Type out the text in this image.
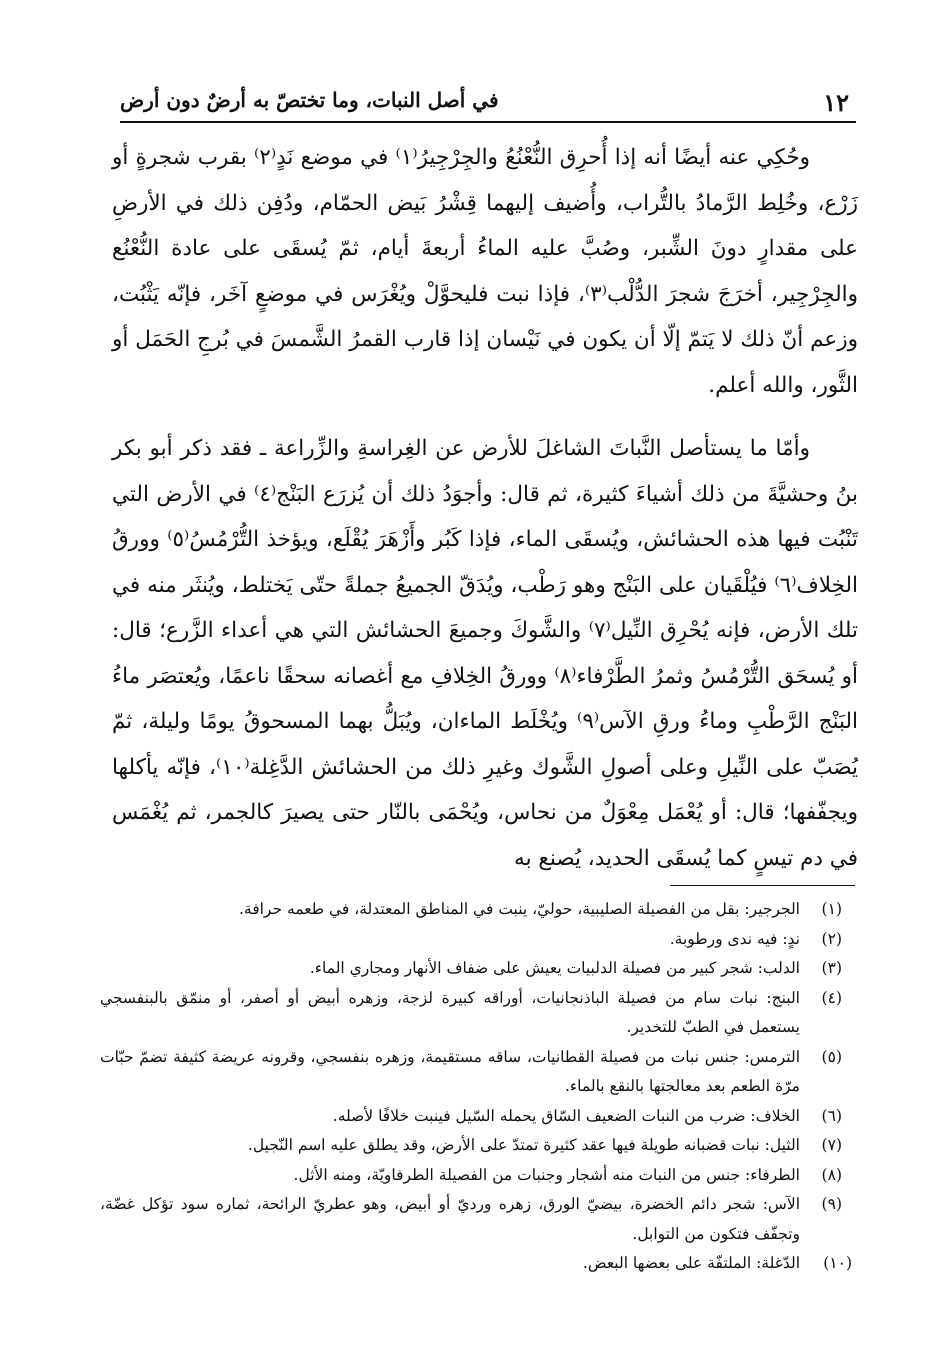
١٢
في أصل النبات، وما تختصّ به أرضٌ دون أرض

وحُكِي عنه أيضًا أنه إذا أُحرِق النُّعْنُعُ والجِرْجِيرُ⁽١⁾ في موضع نَدٍ⁽٢⁾ بقرب شجرةٍ أو زَرْع، وخُلِط الرَّمادُ بالتُّراب، وأُضيف إليهما قِشْرُ بَيض الحمّام، ودُفِن ذلك في الأرضِ على مقدارٍ دونَ الشِّبر، وصُبَّ عليه الماءُ أربعةَ أيام، ثمّ يُسقَى على عادة النُّعْنُع والجِرْجِير، أخرَجَ شجرَ الدُّلْب⁽٣⁾، فإذا نبت فليحوَّلْ ويُغْرَس في موضعٍ آخَر، فإنّه يَثْبُت، وزعم أنّ ذلك لا يَتمّ إلّا أن يكون في نَيْسان إذا قارب القمرُ الشَّمسَ في بُرجِ الحَمَل أو الثَّور، والله أعلم.

وأمّا ما يستأصل النَّباتَ الشاغلَ للأرض عن الغِراسةِ والزِّراعة ـ فقد ذكر أبو بكر بنُ وحشيَّةَ من ذلك أشياءَ كثيرة، ثم قال: وأجوَدُ ذلك أن يُزرَع البَنْج⁽٤⁾ في الأرض التي تَنْبُت فيها هذه الحشائش، ويُسقَى الماء، فإذا كَبُر وأَزْهَرَ يُقْلَع، ويؤخذ التُّرْمُسُ⁽٥⁾ وورقُ الخِلاف⁽٦⁾ فيُلْقَيان على البَنْج وهو رَطْب، ويُدَقّ الجميعُ جملةً حتّى يَختلط، ويُنثَر منه في تلك الأرض، فإنه يُحْرِق النِّيل⁽٧⁾ والشَّوكَ وجميعَ الحشائش التي هي أعداء الزَّرع؛ قال: أو يُسحَق التُّرْمُسُ وثمرُ الطَّرْفاء⁽٨⁾ وورقُ الخِلافِ مع أغصانه سحقًا ناعمًا، ويُعتصَر ماءُ البَنْج الرَّطْبِ وماءُ ورقِ الآس⁽٩⁾ ويُخْلَط الماءان، ويُبَلُّ بهما المسحوقُ يومًا وليلة، ثمّ يُصَبّ على النِّيلِ وعلى أصولِ الشَّوك وغيرِ ذلك من الحشائش الدَّغِلة⁽١٠⁾، فإنّه يأكلها ويجفّفها؛ قال: أو يُعْمَل مِعْوَلٌ من نحاس، ويُحْمَى بالنّار حتى يصيرَ كالجمر، ثم يُغْمَس في دم تيسٍ كما يُسقَى الحديد، يُصنع به

(١)
الجرجير: بقل من الفصيلة الصليبية، حوليّ، ينبت في المناطق المعتدلة، في طعمه حرافة.
(٢)
ندٍ: فيه ندى ورطوبة.
(٣)
الدلب: شجر كبير من فصيلة الدلبيات يعيش على ضفاف الأنهار ومجاري الماء.
(٤)
البنج: نبات سام من فصيلة الباذنجانيات، أوراقه كبيرة لزجة، وزهره أبيض أو أصفر، أو منمّق بالبنفسجي يستعمل في الطبّ للتخدير.
(٥)
الترمس: جنس نبات من فصيلة القطانيات، ساقه مستقيمة، وزهره بنفسجي، وقرونه عريضة كثيفة تضمّ حبّات مرّة الطعم بعد معالجتها بالنقع بالماء.
(٦)
الخلاف: ضرب من النبات الضعيف السّاق يحمله السّيل فينبت خلافًا لأصله.
(٧)
الثيل: نبات قضبانه طويلة فيها عقد كثيرة تمتدّ على الأرض، وقد يطلق عليه اسم النّجيل.
(٨)
الطرفاء: جنس من النبات منه أشجار وجنبات من الفصيلة الطرفاويّة، ومنه الأثل.
(٩)
الآس: شجر دائم الخضرة، بيضيّ الورق، زهره ورديّ أو أبيض، وهو عطريّ الرائحة، ثماره سود تؤكل غضّة، وتجفّف فتكون من التوابل.
(١٠)
الدّغلة: الملتفّة على بعضها البعض.
